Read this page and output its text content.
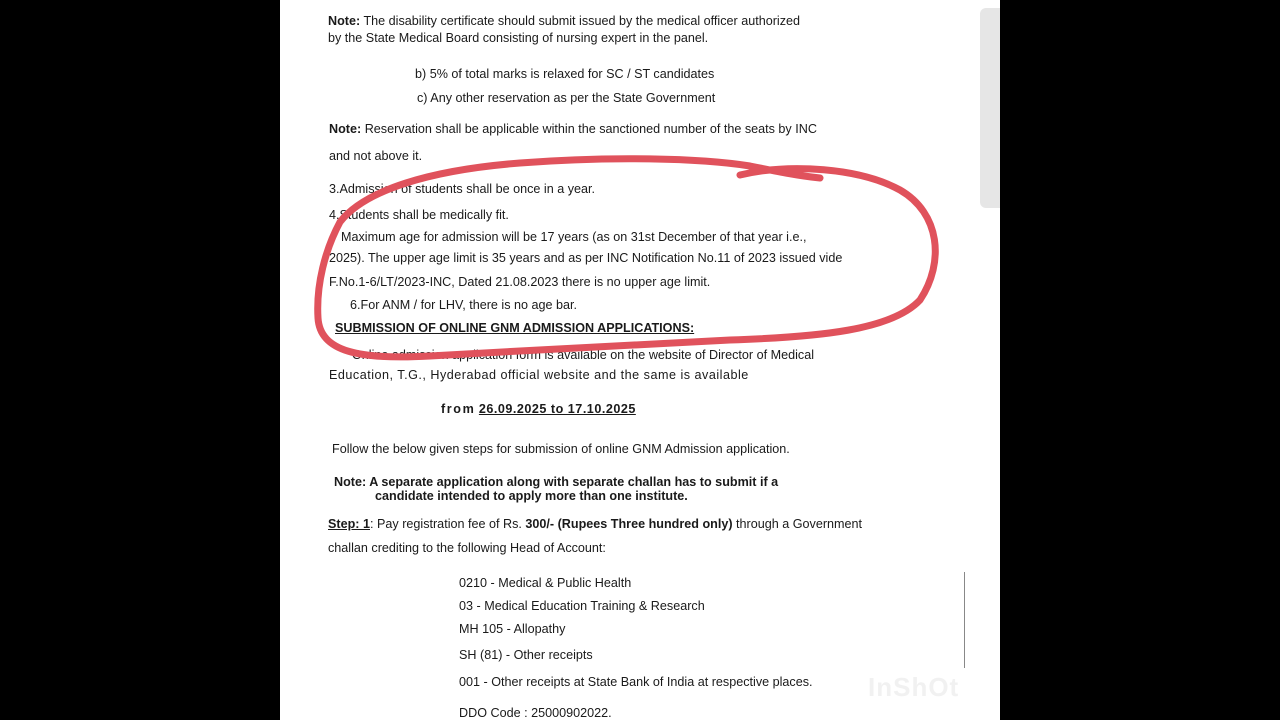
Note: The disability certificate should submit issued by the medical officer authorized
by the State Medical Board consisting of nursing expert in the panel.
b) 5% of total marks is relaxed for SC / ST candidates
c) Any other reservation as per the State Government
Note: Reservation shall be applicable within the sanctioned number of the seats by INC
and not above it.
3.Admission of students shall be once in a year.
4.Students shall be medically fit.
Maximum age for admission will be 17 years (as on 31st December of that year i.e.,
2025). The upper age limit is 35 years and as per INC Notification No.11 of 2023 issued vide
F.No.1-6/LT/2023-INC, Dated 21.08.2023 there is no upper age limit.
6.For ANM / for LHV, there is no age bar.
SUBMISSION OF ONLINE GNM ADMISSION APPLICATIONS:
Online admission application form is available on the website of Director of Medical
Education, T.G., Hyderabad official website and the same is available
from 26.09.2025 to 17.10.2025
Follow the below given steps for submission of online GNM Admission application.
Note: A separate application along with separate challan has to submit if a
candidate intended to apply more than one institute.
Step: 1: Pay registration fee of Rs. 300/- (Rupees Three hundred only) through a Government
challan crediting to the following Head of Account:
0210 - Medical & Public Health
03 - Medical Education Training & Research
MH 105 - Allopathy
SH (81) - Other receipts
001 - Other receipts at State Bank of India at respective places.
DDO Code : 25000902022.
InShOt
